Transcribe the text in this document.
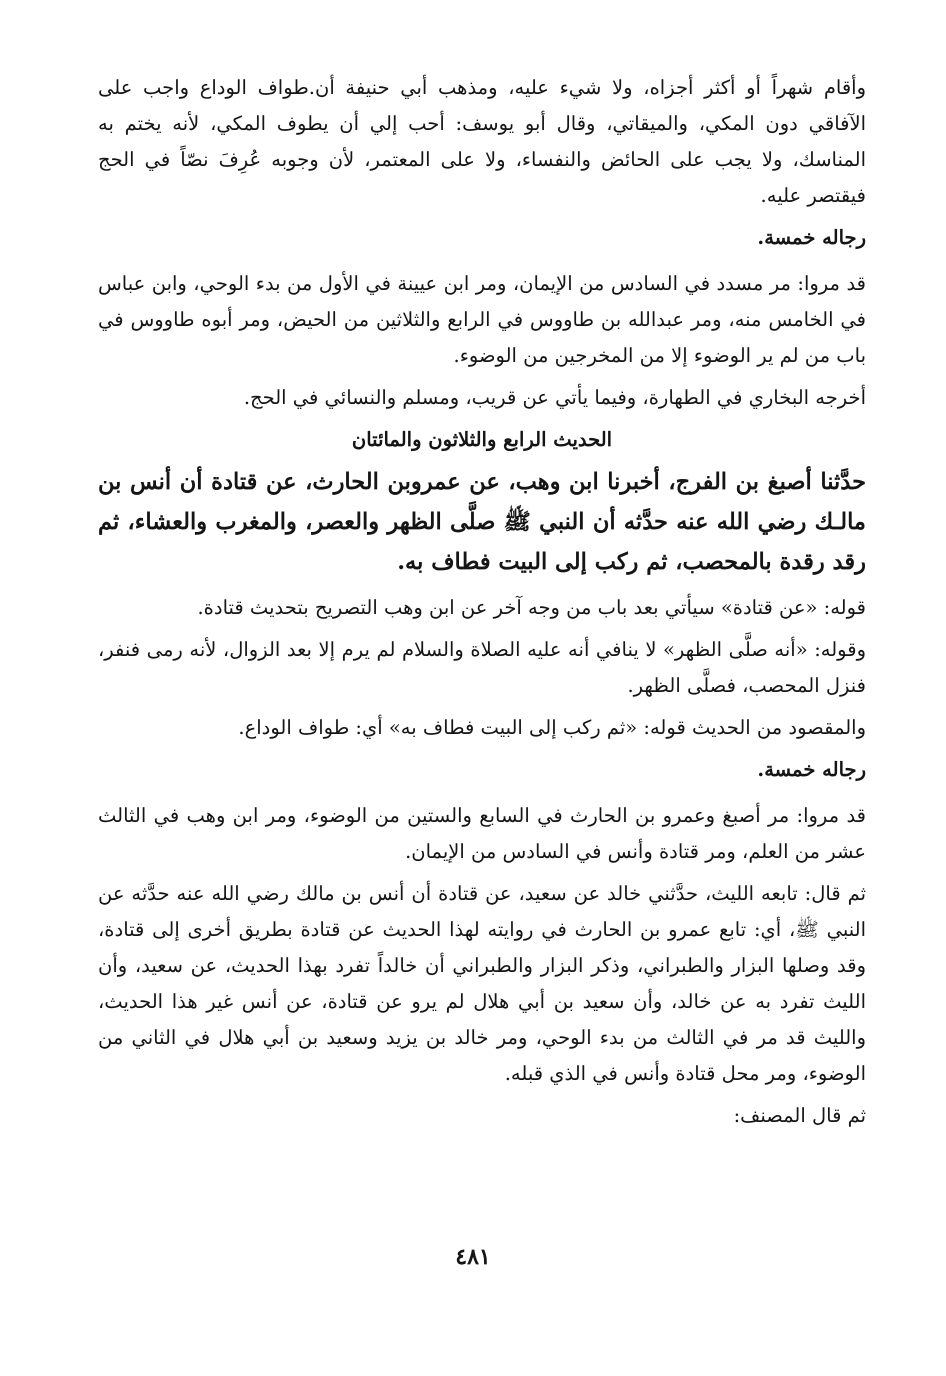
وأقام شهراً أو أكثر أجزاه، ولا شيء عليه، ومذهب أبي حنيفة أن.طواف الوداع واجب على الآفاقي دون المكي، والميقاتي، وقال أبو يوسف: أحب إلي أن يطوف المكي، لأنه يختم به المناسك، ولا يجب على الحائض والنفساء، ولا على المعتمر، لأن وجوبه عُرِفَ نصّاً في الحج فيقتصر عليه.

رجاله خمسة.

قد مروا: مر مسدد في السادس من الإيمان، ومر ابن عيينة في الأول من بدء الوحي، وابن عباس في الخامس منه، ومر عبدالله بن طاووس في الرابع والثلاثين من الحيض، ومر أبوه طاووس في باب من لم ير الوضوء إلا من المخرجين من الوضوء.

أخرجه البخاري في الطهارة، وفيما يأتي عن قريب، ومسلم والنسائي في الحج.

الحديث الرابع والثلاثون والمائتان

حدَّثنا أصبغ بن الفرج، أخبرنا ابن وهب، عن عمروبن الحارث، عن قتادة أن أنس بن مالـك رضي الله عنه حدَّثه أن النبي ﷺ صلَّى الظهر والعصر، والمغرب والعشاء، ثم رقد رقدة بالمحصب، ثم ركب إلى البيت فطاف به.

قوله: «عن قتادة» سيأتي بعد باب من وجه آخر عن ابن وهب التصريح بتحديث قتادة.

وقوله: «أنه صلَّى الظهر» لا ينافي أنه عليه الصلاة والسلام لم يرم إلا بعد الزوال، لأنه رمى فنفر، فنزل المحصب، فصلَّى الظهر.

والمقصود من الحديث قوله: «ثم ركب إلى البيت فطاف به» أي: طواف الوداع.

رجاله خمسة.

قد مروا: مر أصبغ وعمرو بن الحارث في السابع والستين من الوضوء، ومر ابن وهب في الثالث عشر من العلم، ومر قتادة وأنس في السادس من الإيمان.

ثم قال: تابعه الليث، حدَّثني خالد عن سعيد، عن قتادة أن أنس بن مالك رضي الله عنه حدَّثه عن النبي ﷺ، أي: تابع عمرو بن الحارث في روايته لهذا الحديث عن قتادة بطريق أخرى إلى قتادة، وقد وصلها البزار والطبراني، وذكر البزار والطبراني أن خالداً تفرد بهذا الحديث، عن سعيد، وأن الليث تفرد به عن خالد، وأن سعيد بن أبي هلال لم يرو عن قتادة، عن أنس غير هذا الحديث، والليث قد مر في الثالث من بدء الوحي، ومر خالد بن يزيد وسعيد بن أبي هلال في الثاني من الوضوء، ومر محل قتادة وأنس في الذي قبله.

ثم قال المصنف:

٤٨١
